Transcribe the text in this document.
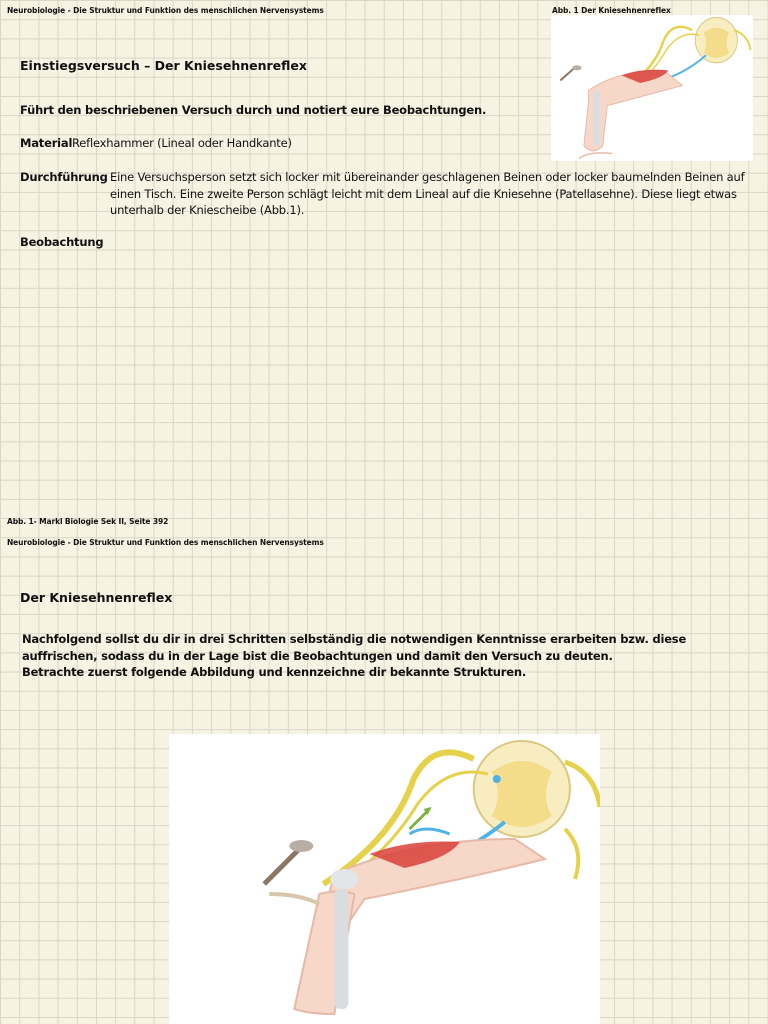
Neurobiologie - Die Struktur und Funktion des menschlichen Nervensystems	Abb. 1 Der Kniesehnenreflex
Einstiegsversuch – Der Kniesehnenreflex
Führt den beschriebenen Versuch durch und notiert eure Beobachtungen.
Material Reflexhammer (Lineal oder Handkante)
Durchführung Eine Versuchsperson setzt sich locker mit übereinander geschlagenen Beinen oder locker baumelnden Beinen auf einen Tisch. Eine zweite Person schlägt leicht mit dem Lineal auf die Kniesehne (Patellasehne). Diese liegt etwas unterhalb der Kniescheibe (Abb.1).
Beobachtung
Abb. 1- Markl Biologie Sek II, Seite 392
Neurobiologie - Die Struktur und Funktion des menschlichen Nervensystems
Der Kniesehnenreflex
Nachfolgend sollst du dir in drei Schritten selbständig die notwendigen Kenntnisse erarbeiten bzw. diese auffrischen, sodass du in der Lage bist die Beobachtungen und damit den Versuch zu deuten.
Betrachte zuerst folgende Abbildung und kennzeichne dir bekannte Strukturen.
